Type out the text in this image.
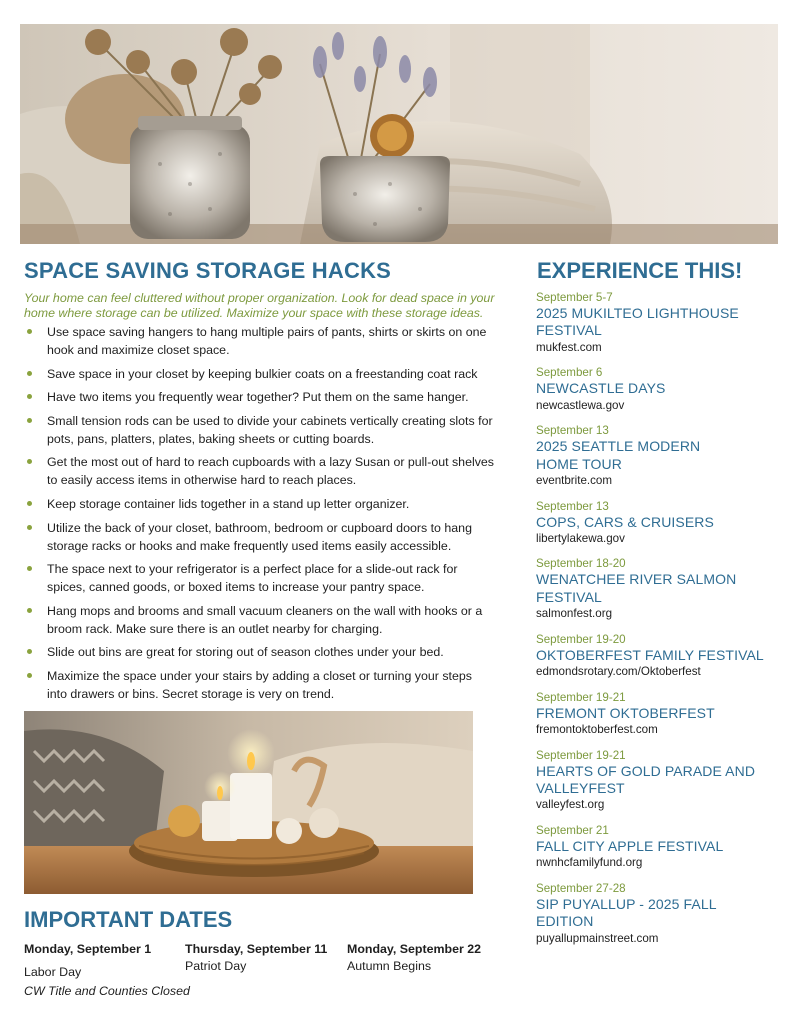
SPACE SAVING STORAGE HACKS

Your home can feel cluttered without proper organization. Look for dead space in your home where storage can be utilized. Maximize your space with these storage ideas.

Use space saving hangers to hang multiple pairs of pants, shirts or skirts on one hook and maximize closet space.
Save space in your closet by keeping bulkier coats on a freestanding coat rack
Have two items you frequently wear together? Put them on the same hanger.
Small tension rods can be used to divide your cabinets vertically creating slots for pots, pans, platters, plates, baking sheets or cutting boards.
Get the most out of hard to reach cupboards with a lazy Susan or pull-out shelves to easily access items in otherwise hard to reach places.
Keep storage container lids together in a stand up letter organizer.
Utilize the back of your closet, bathroom, bedroom or cupboard doors to hang storage racks or hooks and make frequently used items easily accessible.
The space next to your refrigerator is a perfect place for a slide-out rack for spices, canned goods, or boxed items to increase your pantry space.
Hang mops and brooms and small vacuum cleaners on the wall with hooks or a broom rack. Make sure there is an outlet nearby for charging.
Slide out bins are great for storing out of season clothes under your bed.
Maximize the space under your stairs by adding a closet or turning your steps into drawers or bins. Secret storage is very on trend.
IMPORTANT DATES
Monday, September 1
Labor Day
CW Title and Counties Closed
Thursday, September 11
Patriot Day
Monday, September 22
Autumn Begins
EXPERIENCE THIS!
September 5-7
2025 MUKILTEO LIGHTHOUSE FESTIVAL
mukfest.com
September 6
NEWCASTLE DAYS
newcastlewa.gov
September 13
2025 SEATTLE MODERN HOME TOUR
eventbrite.com
September 13
COPS, CARS & CRUISERS
libertylakewa.gov
September 18-20
WENATCHEE RIVER SALMON FESTIVAL
salmonfest.org
September 19-20
OKTOBERFEST FAMILY FESTIVAL
edmondsrotary.com/Oktoberfest
September 19-21
FREMONT OKTOBERFEST
fremontoktoberfest.com
September 19-21
HEARTS OF GOLD PARADE AND VALLEYFEST
valleyfest.org
September 21
FALL CITY APPLE FESTIVAL
nwnhcfamilyfund.org
September 27-28
SIP PUYALLUP - 2025 FALL EDITION
puyallupmainstreet.com
